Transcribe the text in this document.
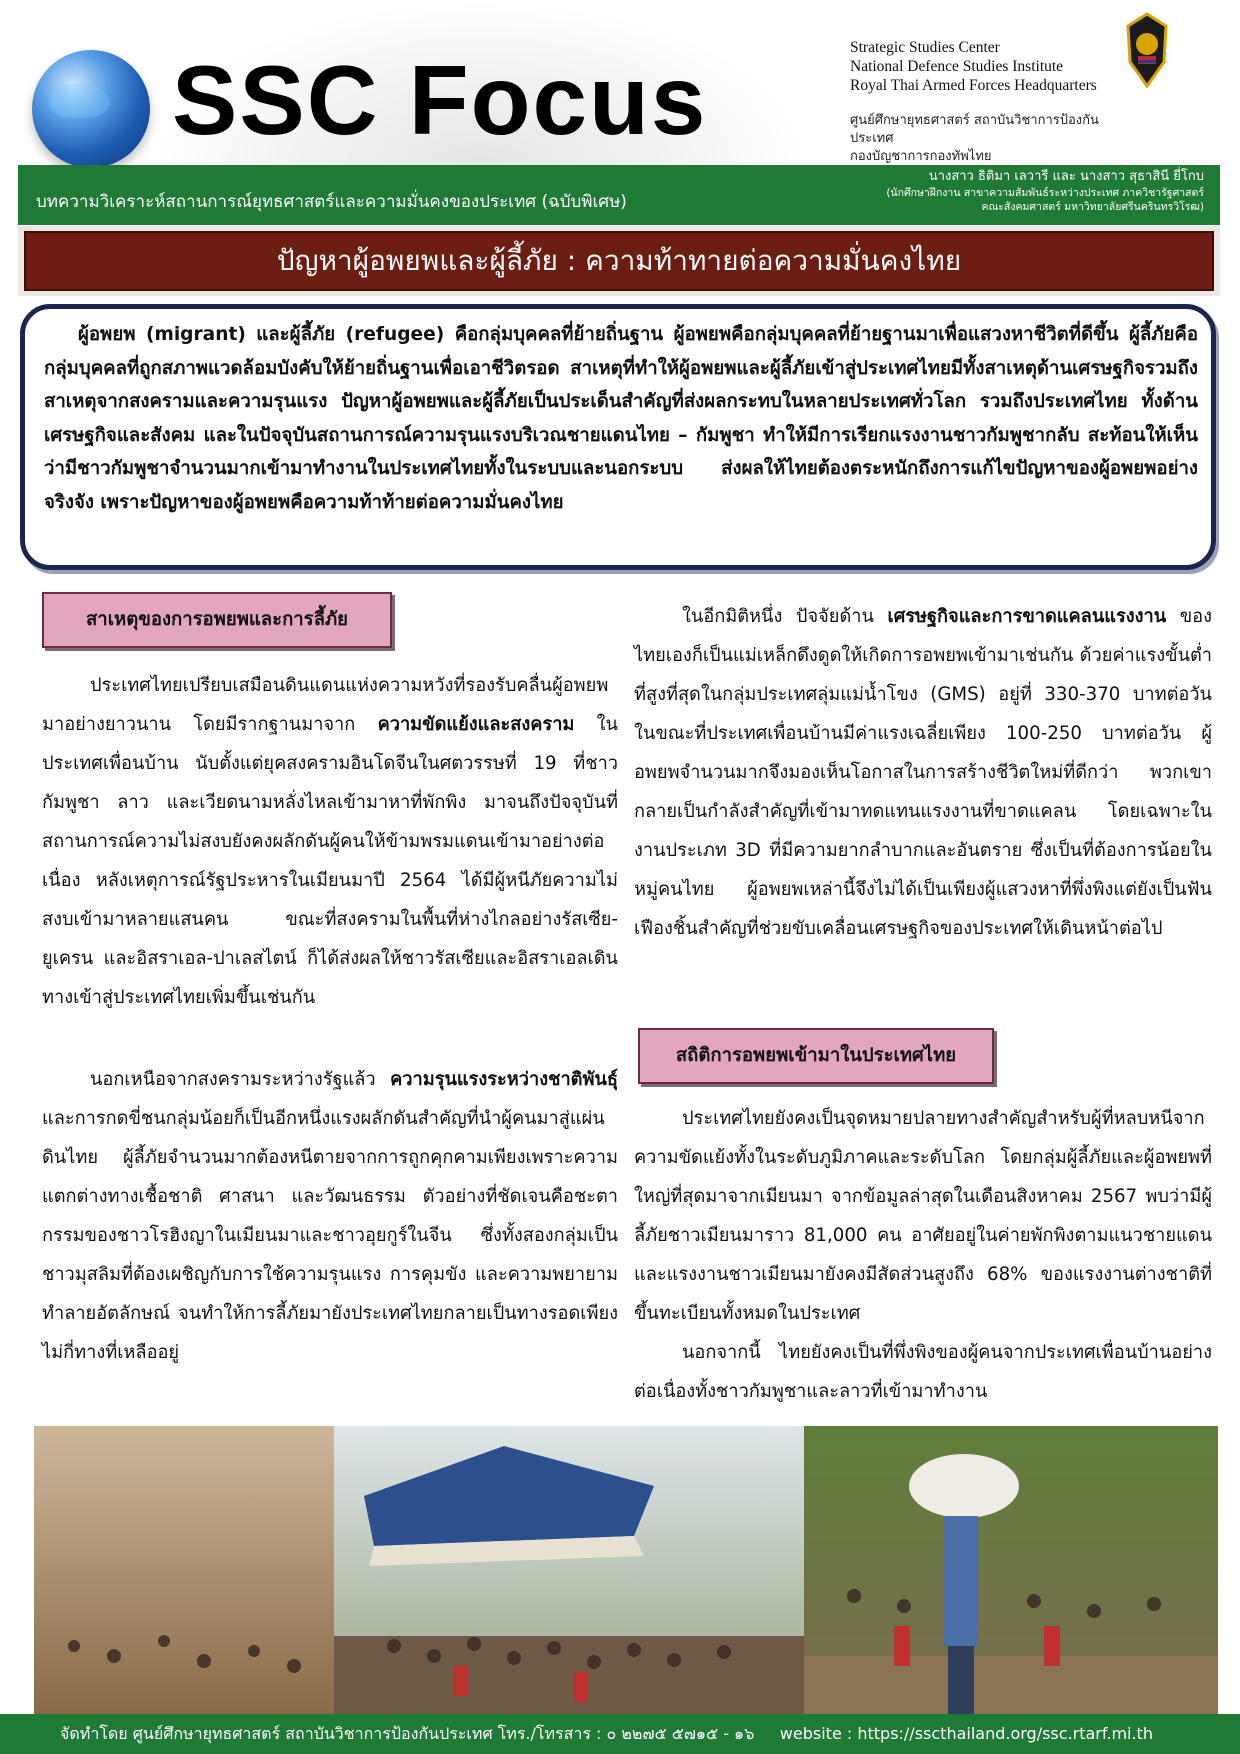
SSC Focus	Strategic Studies Center
National Defence Studies Institute
Royal Thai Armed Forces Headquarters
ศูนย์ศึกษายุทธศาสตร์ สถาบันวิชาการป้องกันประเทศ
กองบัญชาการกองทัพไทย
บทความวิเคราะห์สถานการณ์ยุทธศาสตร์และความมั่นคงของประเทศ (ฉบับพิเศษ)
นางสาว ธิติมา เลวารี และ นางสาว สุธาสินี ยี่โกบ
(นักศึกษาฝึกงาน สาขาความสัมพันธ์ระหว่างประเทศ ภาควิชารัฐศาสตร์
คณะสังคมศาสตร์ มหาวิทยาลัยศรีนครินทรวิโรฒ)
ปัญหาผู้อพยพและผู้ลี้ภัย : ความท้าทายต่อความมั่นคงไทย
ผู้อพยพ (migrant) และผู้ลี้ภัย (refugee) คือกลุ่มบุคคลที่ย้ายถิ่นฐาน ผู้อพยพคือกลุ่มบุคคลที่ย้ายฐานมาเพื่อแสวงหาชีวิตที่ดีขึ้น ผู้ลี้ภัยคือกลุ่มบุคคลที่ถูกสภาพแวดล้อมบังคับให้ย้ายถิ่นฐานเพื่อเอาชีวิตรอด สาเหตุที่ทำให้ผู้อพยพและผู้ลี้ภัยเข้าสู่ประเทศไทยมีทั้งสาเหตุด้านเศรษฐกิจรวมถึงสาเหตุจากสงครามและความรุนแรง ปัญหาผู้อพยพและผู้ลี้ภัยเป็นประเด็นสำคัญที่ส่งผลกระทบในหลายประเทศทั่วโลก รวมถึงประเทศไทย ทั้งด้านเศรษฐกิจและสังคม และในปัจจุบันสถานการณ์ความรุนแรงบริเวณชายแดนไทย – กัมพูชา ทำให้มีการเรียกแรงงานชาวกัมพูชากลับ สะท้อนให้เห็นว่ามีชาวกัมพูชาจำนวนมากเข้ามาทำงานในประเทศไทยทั้งในระบบและนอกระบบ ส่งผลให้ไทยต้องตระหนักถึงการแก้ไขปัญหาของผู้อพยพอย่างจริงจัง เพราะปัญหาของผู้อพยพคือความท้าท้ายต่อความมั่นคงไทย
สาเหตุของการอพยพและการลี้ภัย

ประเทศไทยเปรียบเสมือนดินแดนแห่งความหวังที่รองรับคลื่นผู้อพยพมาอย่างยาวนาน โดยมีรากฐานมาจาก ความขัดแย้งและสงคราม ในประเทศเพื่อนบ้าน นับตั้งแต่ยุคสงครามอินโดจีนในศตวรรษที่ 19 ที่ชาวกัมพูชา ลาว และเวียดนามหลั่งไหลเข้ามาหาที่พักพิง มาจนถึงปัจจุบันที่สถานการณ์ความไม่สงบยังคงผลักดันผู้คนให้ข้ามพรมแดนเข้ามาอย่างต่อเนื่อง หลังเหตุการณ์รัฐประหารในเมียนมาปี 2564 ได้มีผู้หนีภัยความไม่สงบเข้ามาหลายแสนคน ขณะที่สงครามในพื้นที่ห่างไกลอย่างรัสเซีย-ยูเครน และอิสราเอล-ปาเลสไตน์ ก็ได้ส่งผลให้ชาวรัสเซียและอิสราเอลเดินทางเข้าสู่ประเทศไทยเพิ่มขึ้นเช่นกัน

นอกเหนือจากสงครามระหว่างรัฐแล้ว ความรุนแรงระหว่างชาติพันธุ์ และการกดขี่ชนกลุ่มน้อยก็เป็นอีกหนึ่งแรงผลักดันสำคัญที่นำผู้คนมาสู่แผ่นดินไทย ผู้ลี้ภัยจำนวนมากต้องหนีตายจากการถูกคุกคามเพียงเพราะความแตกต่างทางเชื้อชาติ ศาสนา และวัฒนธรรม ตัวอย่างที่ชัดเจนคือชะตากรรมของชาวโรฮิงญาในเมียนมาและชาวอุยกูร์ในจีน ซึ่งทั้งสองกลุ่มเป็นชาวมุสลิมที่ต้องเผชิญกับการใช้ความรุนแรง การคุมขัง และความพยายามทำลายอัตลักษณ์ จนทำให้การลี้ภัยมายังประเทศไทยกลายเป็นทางรอดเพียงไม่กี่ทางที่เหลืออยู่

ในอีกมิติหนึ่ง ปัจจัยด้าน เศรษฐกิจและการขาดแคลนแรงงาน ของไทยเองก็เป็นแม่เหล็กดึงดูดให้เกิดการอพยพเข้ามาเช่นกัน ด้วยค่าแรงขั้นต่ำที่สูงที่สุดในกลุ่มประเทศลุ่มแม่น้ำโขง (GMS) อยู่ที่ 330-370 บาทต่อวัน ในขณะที่ประเทศเพื่อนบ้านมีค่าแรงเฉลี่ยเพียง 100-250 บาทต่อวัน ผู้อพยพจำนวนมากจึงมองเห็นโอกาสในการสร้างชีวิตใหม่ที่ดีกว่า พวกเขากลายเป็นกำลังสำคัญที่เข้ามาทดแทนแรงงานที่ขาดแคลน โดยเฉพาะในงานประเภท 3D ที่มีความยากลำบากและอันตราย ซึ่งเป็นที่ต้องการน้อยในหมู่คนไทย ผู้อพยพเหล่านี้จึงไม่ได้เป็นเพียงผู้แสวงหาที่พึ่งพิงแต่ยังเป็นฟันเฟืองชิ้นสำคัญที่ช่วยขับเคลื่อนเศรษฐกิจของประเทศให้เดินหน้าต่อไป

สถิติการอพยพเข้ามาในประเทศไทย

ประเทศไทยยังคงเป็นจุดหมายปลายทางสำคัญสำหรับผู้ที่หลบหนีจากความขัดแย้งทั้งในระดับภูมิภาคและระดับโลก โดยกลุ่มผู้ลี้ภัยและผู้อพยพที่ใหญ่ที่สุดมาจากเมียนมา จากข้อมูลล่าสุดในเดือนสิงหาคม 2567 พบว่ามีผู้ลี้ภัยชาวเมียนมาราว 81,000 คน อาศัยอยู่ในค่ายพักพิงตามแนวชายแดน และแรงงานชาวเมียนมายังคงมีสัดส่วนสูงถึง 68% ของแรงงานต่างชาติที่ขึ้นทะเบียนทั้งหมดในประเทศ

นอกจากนี้ ไทยยังคงเป็นที่พึ่งพิงของผู้คนจากประเทศเพื่อนบ้านอย่างต่อเนื่องทั้งชาวกัมพูชาและลาวที่เข้ามาทำงาน

จัดทำโดย ศูนย์ศึกษายุทธศาสตร์ สถาบันวิชาการป้องกันประเทศ โทร./โทรสาร : ๐ ๒๒๗๕ ๕๗๑๕ - ๑๖     website : https://sscthailand.org/ssc.rtarf.mi.th
